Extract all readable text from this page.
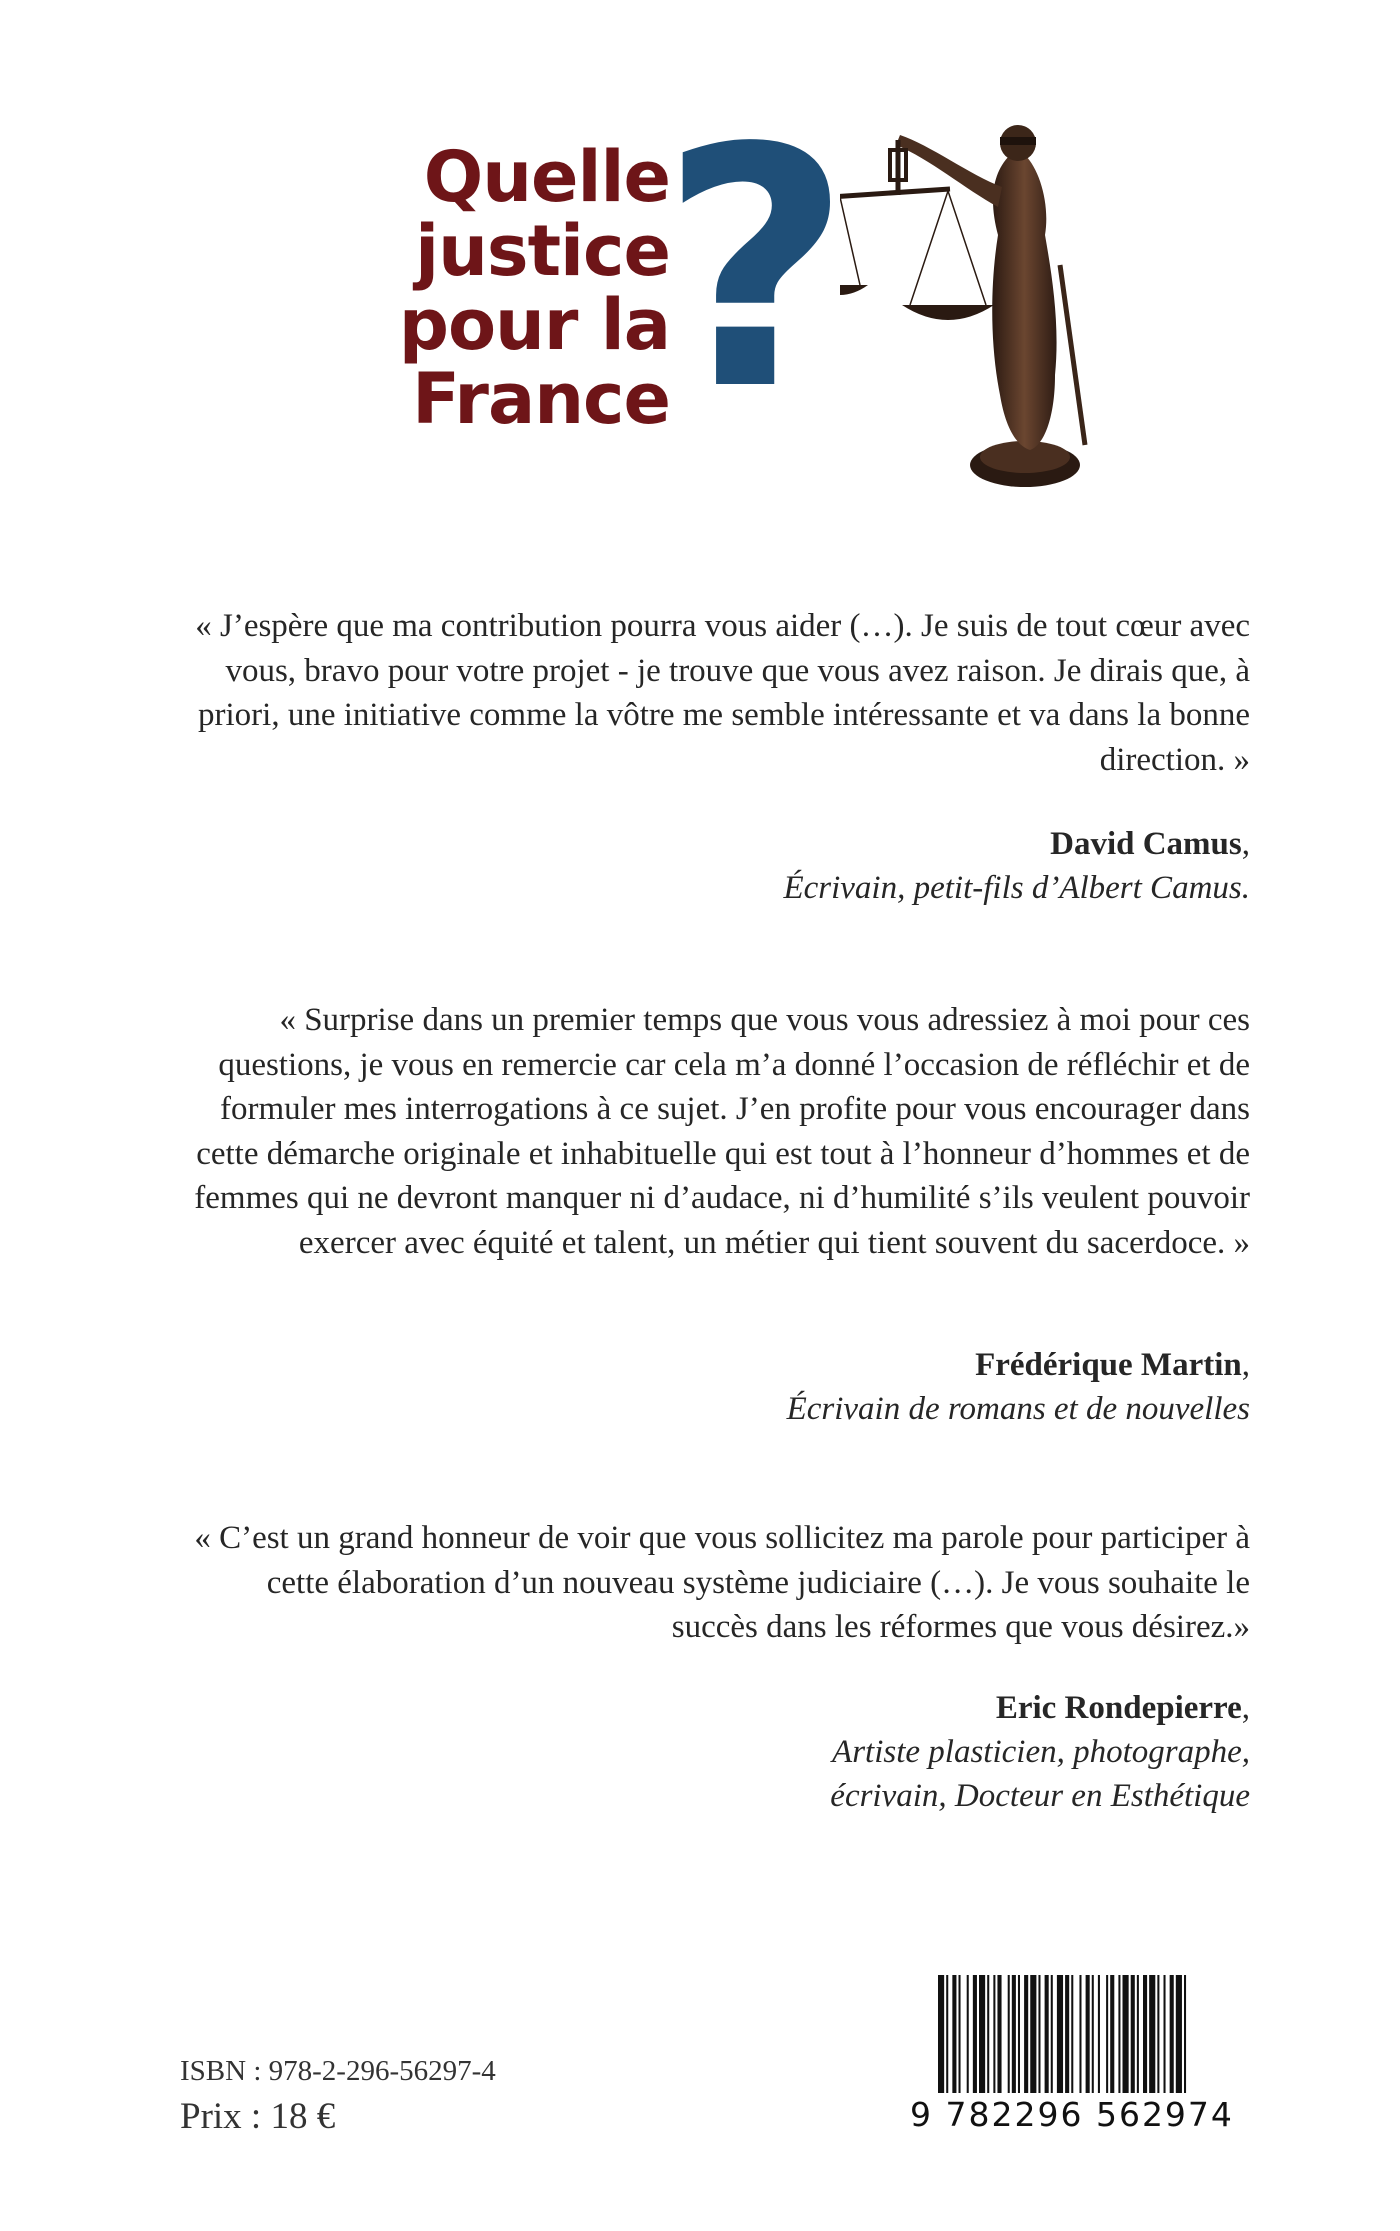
Quelle
justice
pour la
France
?
« J’espère que ma contribution pourra vous aider (…). Je suis de tout cœur avec vous, bravo pour votre projet - je trouve que vous avez raison. Je dirais que, à priori, une initiative comme la vôtre me semble intéressante et va dans la bonne direction. »
David Camus,
Écrivain, petit-fils d’Albert Camus.
« Surprise dans un premier temps que vous vous adressiez à moi pour ces questions, je vous en remercie car cela m’a donné l’occasion de réfléchir et de formuler mes interrogations à ce sujet. J’en profite pour vous encourager dans cette démarche originale et inhabituelle qui est tout à l’honneur d’hommes et de femmes qui ne devront manquer ni d’audace, ni d’humilité s’ils veulent pouvoir exercer avec équité et talent, un métier qui tient souvent du sacerdoce. »
Frédérique Martin,
Écrivain de romans et de nouvelles
« C’est un grand honneur de voir que vous sollicitez ma parole pour participer à cette élaboration d’un nouveau système judiciaire (…). Je vous souhaite le succès dans les réformes que vous désirez.»
Eric Rondepierre,
Artiste plasticien, photographe,
écrivain, Docteur en Esthétique
ISBN : 978-2-296-56297-4
Prix : 18 €	9 782296 562974
